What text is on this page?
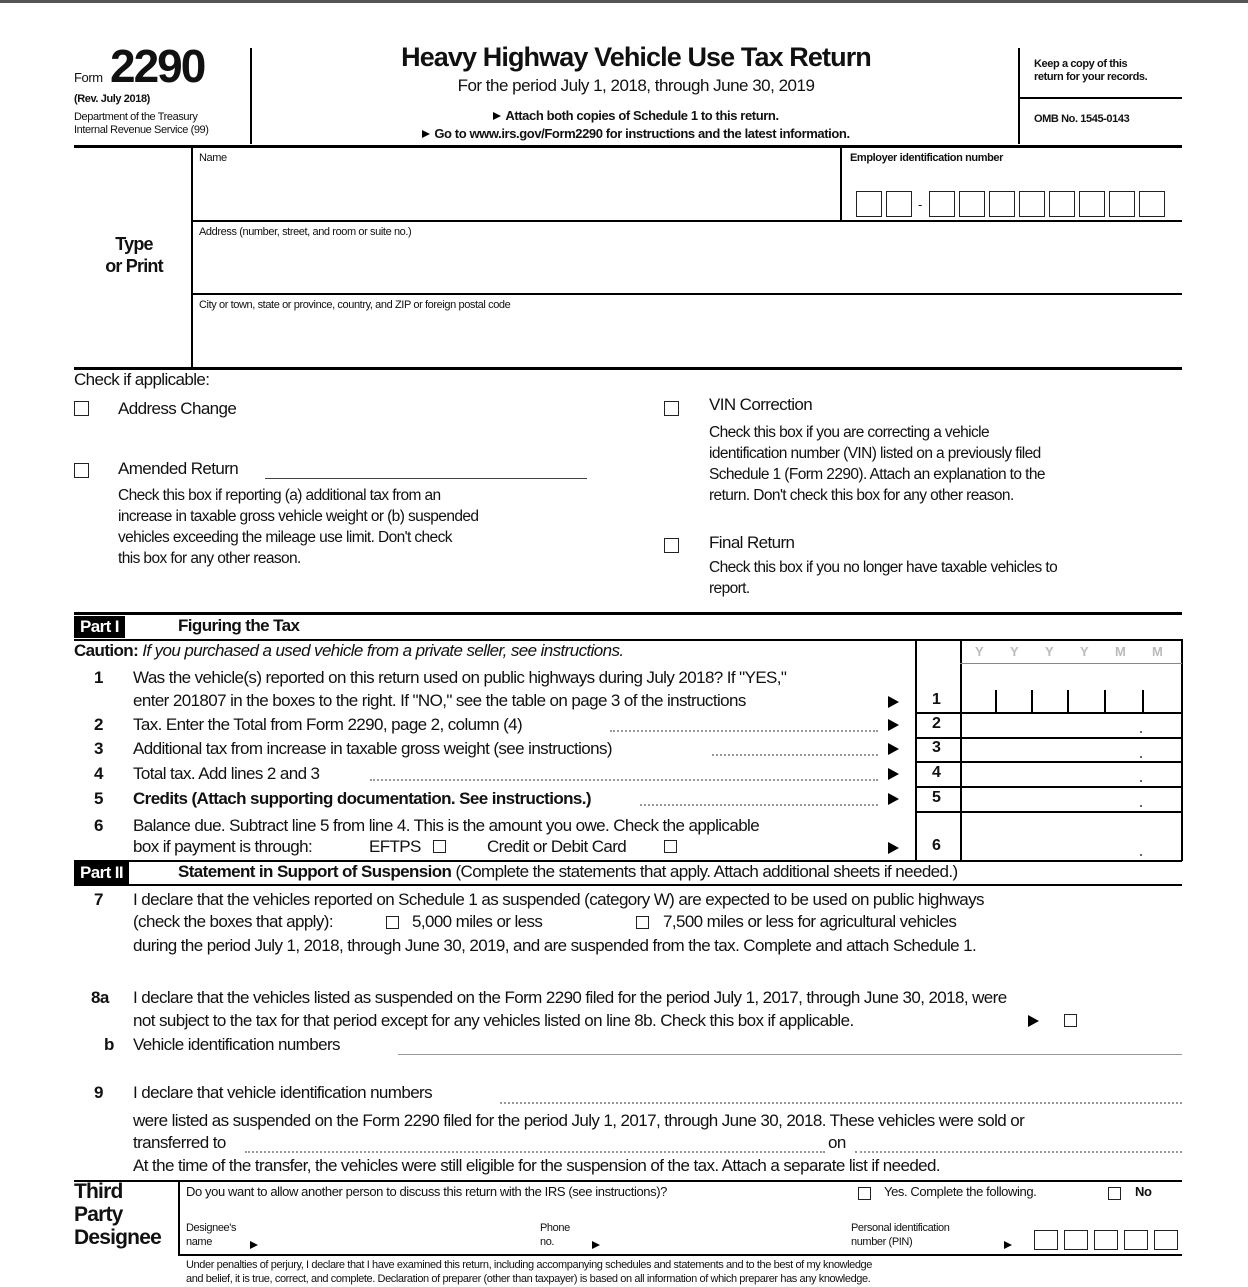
Form 2290
(Rev. July 2018)
Department of the Treasury
Internal Revenue Service (99)
Heavy Highway Vehicle Use Tax Return
For the period July 1, 2018, through June 30, 2019
Attach both copies of Schedule 1 to this return.
Go to www.irs.gov/Form2290 for instructions and the latest information.
Keep a copy of this
return for your records.
OMB No. 1545-0143
Type
or Print
Name	Employer identification number
-
Address (number, street, and room or suite no.)
City or town, state or province, country, and ZIP or foreign postal code
Check if applicable:
Address Change
Amended Return
Check this box if reporting (a) additional tax from an
increase in taxable gross vehicle weight or (b) suspended
vehicles exceeding the mileage use limit. Don't check
this box for any other reason.
VIN Correction
Check this box if you are correcting a vehicle
identification number (VIN) listed on a previously filed
Schedule 1 (Form 2290). Attach an explanation to the
return. Don't check this box for any other reason.
Final Return
Check this box if you no longer have taxable vehicles to
report.
Part I	Figuring the Tax
Caution: If you purchased a used vehicle from a private seller, see instructions.	Y Y Y Y M M
1 Was the vehicle(s) reported on this return used on public highways during July 2018? If "YES,"
enter 201807 in the boxes to the right. If "NO," see the table on page 3 of the instructions	1
2 Tax. Enter the Total from Form 2290, page 2, column (4)	2
3 Additional tax from increase in taxable gross weight (see instructions)	3
4 Total tax. Add lines 2 and 3	4
5 Credits (Attach supporting documentation. See instructions.)	5
6 Balance due. Subtract line 5 from line 4. This is the amount you owe. Check the applicable
box if payment is through:	EFTPS	Credit or Debit Card	6
Part II	Statement in Support of Suspension (Complete the statements that apply. Attach additional sheets if needed.)
7 I declare that the vehicles reported on Schedule 1 as suspended (category W) are expected to be used on public highways
(check the boxes that apply):	5,000 miles or less	7,500 miles or less for agricultural vehicles
during the period July 1, 2018, through June 30, 2019, and are suspended from the tax. Complete and attach Schedule 1.
8a I declare that the vehicles listed as suspended on the Form 2290 filed for the period July 1, 2017, through June 30, 2018, were
not subject to the tax for that period except for any vehicles listed on line 8b. Check this box if applicable.
b Vehicle identification numbers
9 I declare that vehicle identification numbers
were listed as suspended on the Form 2290 filed for the period July 1, 2017, through June 30, 2018. These vehicles were sold or
transferred to	on
At the time of the transfer, the vehicles were still eligible for the suspension of the tax. Attach a separate list if needed.
Third
Party
Designee
Do you want to allow another person to discuss this return with the IRS (see instructions)?	Yes. Complete the following.	No
Designee's
name
Phone
no.
Personal identification
number (PIN)
Under penalties of perjury, I declare that I have examined this return, including accompanying schedules and statements and to the best of my knowledge
and belief, it is true, correct, and complete. Declaration of preparer (other than taxpayer) is based on all information of which preparer has any knowledge.
